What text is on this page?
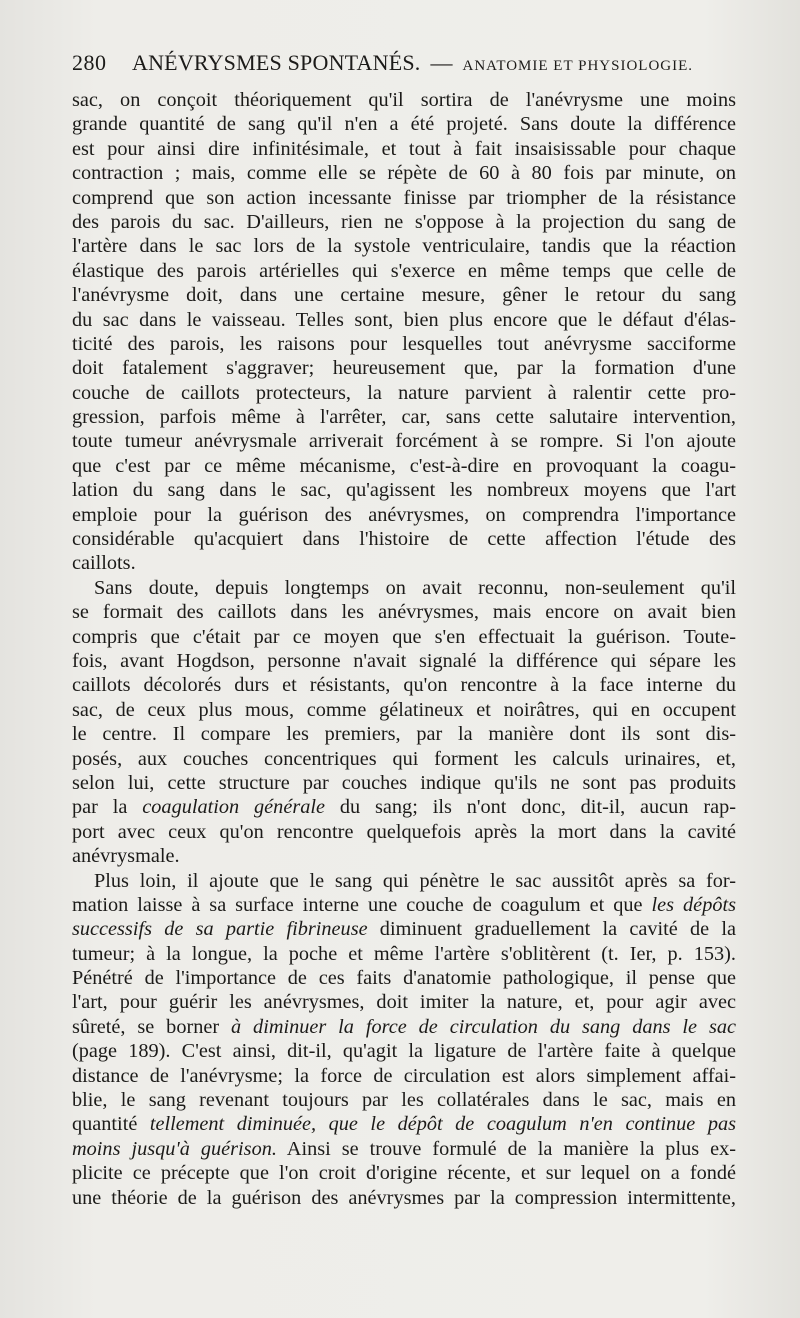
280	ANÉVRYSMES SPONTANÉS. — ANATOMIE ET PHYSIOLOGIE.
sac, on conçoit théoriquement qu'il sortira de l'anévrysme une moins
grande quantité de sang qu'il n'en a été projeté. Sans doute la différence
est pour ainsi dire infinitésimale, et tout à fait insaisissable pour chaque
contraction ; mais, comme elle se répète de 60 à 80 fois par minute, on
comprend que son action incessante finisse par triompher de la résistance
des parois du sac. D'ailleurs, rien ne s'oppose à la projection du sang de
l'artère dans le sac lors de la systole ventriculaire, tandis que la réaction
élastique des parois artérielles qui s'exerce en même temps que celle de
l'anévrysme doit, dans une certaine mesure, gêner le retour du sang
du sac dans le vaisseau. Telles sont, bien plus encore que le défaut d'élas-
ticité des parois, les raisons pour lesquelles tout anévrysme sacciforme
doit fatalement s'aggraver; heureusement que, par la formation d'une
couche de caillots protecteurs, la nature parvient à ralentir cette pro-
gression, parfois même à l'arrêter, car, sans cette salutaire intervention,
toute tumeur anévrysmale arriverait forcément à se rompre. Si l'on ajoute
que c'est par ce même mécanisme, c'est-à-dire en provoquant la coagu-
lation du sang dans le sac, qu'agissent les nombreux moyens que l'art
emploie pour la guérison des anévrysmes, on comprendra l'importance
considérable qu'acquiert dans l'histoire de cette affection l'étude des
caillots.
Sans doute, depuis longtemps on avait reconnu, non-seulement qu'il
se formait des caillots dans les anévrysmes, mais encore on avait bien
compris que c'était par ce moyen que s'en effectuait la guérison. Toute-
fois, avant Hogdson, personne n'avait signalé la différence qui sépare les
caillots décolorés durs et résistants, qu'on rencontre à la face interne du
sac, de ceux plus mous, comme gélatineux et noirâtres, qui en occupent
le centre. Il compare les premiers, par la manière dont ils sont dis-
posés, aux couches concentriques qui forment les calculs urinaires, et,
selon lui, cette structure par couches indique qu'ils ne sont pas produits
par la coagulation générale du sang; ils n'ont donc, dit-il, aucun rap-
port avec ceux qu'on rencontre quelquefois après la mort dans la cavité
anévrysmale.
Plus loin, il ajoute que le sang qui pénètre le sac aussitôt après sa for-
mation laisse à sa surface interne une couche de coagulum et que les dépôts
successifs de sa partie fibrineuse diminuent graduellement la cavité de la
tumeur; à la longue, la poche et même l'artère s'oblitèrent (t. Ier, p. 153).
Pénétré de l'importance de ces faits d'anatomie pathologique, il pense que
l'art, pour guérir les anévrysmes, doit imiter la nature, et, pour agir avec
sûreté, se borner à diminuer la force de circulation du sang dans le sac
(page 189). C'est ainsi, dit-il, qu'agit la ligature de l'artère faite à quelque
distance de l'anévrysme; la force de circulation est alors simplement affai-
blie, le sang revenant toujours par les collatérales dans le sac, mais en
quantité tellement diminuée, que le dépôt de coagulum n'en continue pas
moins jusqu'à guérison. Ainsi se trouve formulé de la manière la plus ex-
plicite ce précepte que l'on croit d'origine récente, et sur lequel on a fondé
une théorie de la guérison des anévrysmes par la compression intermittente,
